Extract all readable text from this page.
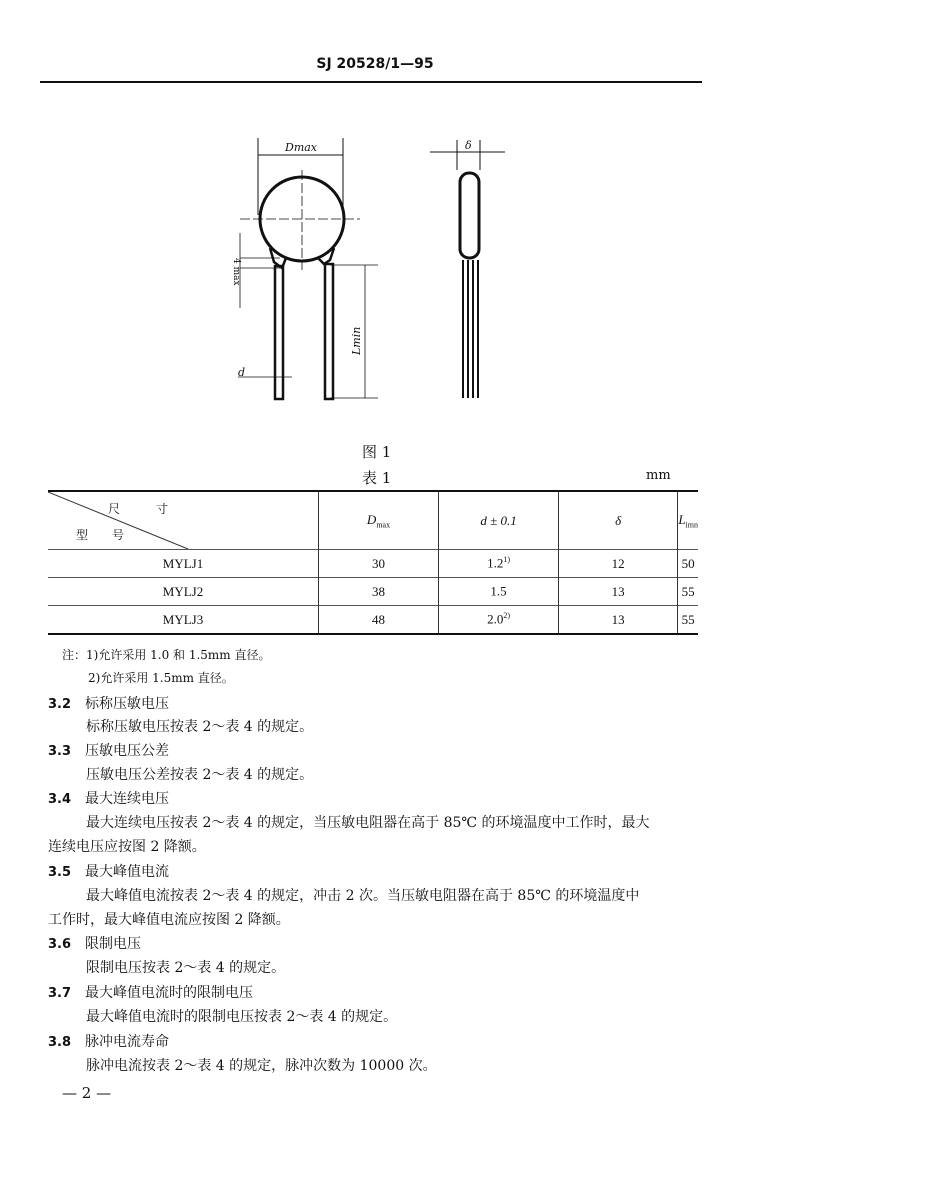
SJ 20528/1—95
Dmax	δ
d
Lmin
4 max
图 1
表 1	mm
尺　　　寸
型　　号	$D_{max}$	d ± 0.1	δ	$L_{imn}$
MYLJ1	30	1.2$^{1)}$	12	50
MYLJ2	38	1.5	13	55
MYLJ3	48	2.0$^{2)}$	13	55
注：1)允许采用 1.0 和 1.5mm 直径。
2)允许采用 1.5mm 直径。
3.2 标称压敏电压
标称压敏电压按表 2～表 4 的规定。
3.3 压敏电压公差
压敏电压公差按表 2～表 4 的规定。
3.4 最大连续电压
最大连续电压按表 2～表 4 的规定，当压敏电阻器在高于 85℃ 的环境温度中工作时，最大
连续电压应按图 2 降额。
3.5 最大峰值电流
最大峰值电流按表 2～表 4 的规定，冲击 2 次。当压敏电阻器在高于 85℃ 的环境温度中
工作时，最大峰值电流应按图 2 降额。
3.6 限制电压
限制电压按表 2～表 4 的规定。
3.7 最大峰值电流时的限制电压
最大峰值电流时的限制电压按表 2～表 4 的规定。
3.8 脉冲电流寿命
脉冲电流按表 2～表 4 的规定，脉冲次数为 10000 次。
— 2 —
